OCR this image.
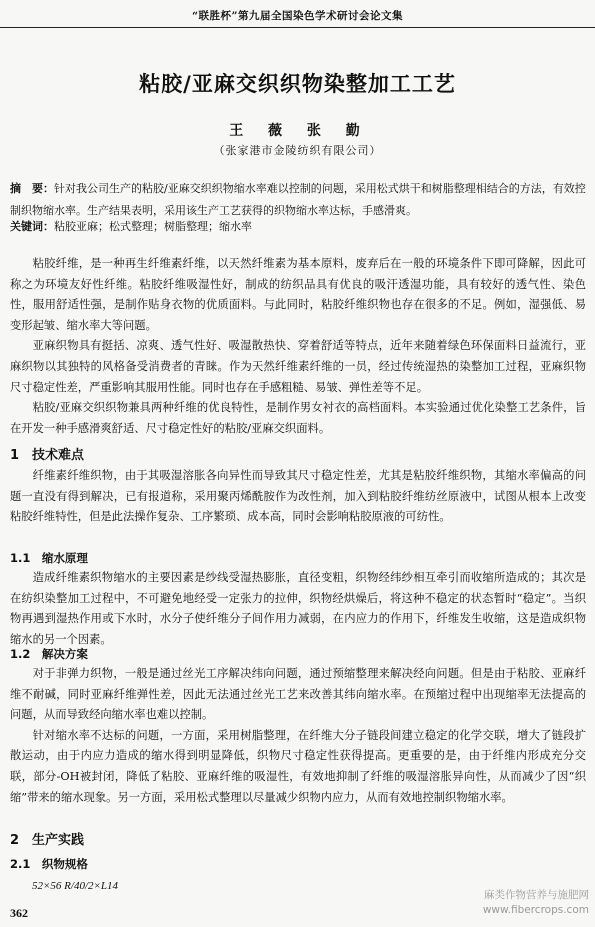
“联胜杯”第九届全国染色学术研讨会论文集
粘胶/亚麻交织织物染整加工工艺
王 薇 张 勤
（张家港市金陵纺织有限公司）
摘　要：针对我公司生产的粘胶/亚麻交织织物缩水率难以控制的问题，采用松式烘干和树脂整理相结合的方法，有效控制织物缩水率。生产结果表明，采用该生产工艺获得的织物缩水率达标，手感滑爽。
关键词：粘胶亚麻；松式整理；树脂整理；缩水率

粘胶纤维，是一种再生纤维素纤维，以天然纤维素为基本原料，废弃后在一般的环境条件下即可降解，因此可称之为环境友好性纤维。粘胶纤维吸湿性好，制成的纺织品具有优良的吸汗透湿功能，具有较好的透气性、染色性，服用舒适性强，是制作贴身衣物的优质面料。与此同时，粘胶纤维织物也存在很多的不足。例如，湿强低、易变形起皱、缩水率大等问题。

亚麻织物具有挺括、凉爽、透气性好、吸湿散热快、穿着舒适等特点，近年来随着绿色环保面料日益流行，亚麻织物以其独特的风格备受消费者的青睐。作为天然纤维素纤维的一员，经过传统湿热的染整加工过程，亚麻织物尺寸稳定性差，严重影响其服用性能。同时也存在手感粗糙、易皱、弹性差等不足。

粘胶/亚麻交织织物兼具两种纤维的优良特性，是制作男女衬衣的高档面料。本实验通过优化染整工艺条件，旨在开发一种手感滑爽舒适、尺寸稳定性好的粘胶/亚麻交织面料。

1　技术难点

纤维素纤维织物，由于其吸湿溶胀各向异性而导致其尺寸稳定性差，尤其是粘胶纤维织物，其缩水率偏高的问题一直没有得到解决，已有报道称，采用聚丙烯酰胺作为改性剂，加入到粘胶纤维纺丝原液中，试图从根本上改变粘胶纤维特性，但是此法操作复杂、工序繁琐、成本高，同时会影响粘胶原液的可纺性。

1.1　缩水原理

造成纤维素织物缩水的主要因素是纱线受湿热膨胀，直径变粗，织物经纬纱相互牵引而收缩所造成的；其次是在纺织染整加工过程中，不可避免地经受一定张力的拉伸，织物经烘燥后，将这种不稳定的状态暂时“稳定”。当织物再遇到湿热作用或下水时，水分子使纤维分子间作用力减弱，在内应力的作用下，纤维发生收缩，这是造成织物缩水的另一个因素。

1.2　解决方案

对于非弹力织物，一般是通过丝光工序解决纬向问题，通过预缩整理来解决经向问题。但是由于粘胶、亚麻纤维不耐碱，同时亚麻纤维弹性差，因此无法通过丝光工艺来改善其纬向缩水率。在预缩过程中出现缩率无法提高的问题，从而导致经向缩水率也难以控制。

针对缩水率不达标的问题，一方面，采用树脂整理，在纤维大分子链段间建立稳定的化学交联，增大了链段扩散运动，由于内应力造成的缩水得到明显降低，织物尺寸稳定性获得提高。更重要的是，由于纤维内形成充分交联，部分-OH被封闭，降低了粘胶、亚麻纤维的吸湿性，有效地抑制了纤维的吸湿溶胀异向性，从而减少了因“织缩”带来的缩水现象。另一方面，采用松式整理以尽量减少织物内应力，从而有效地控制织物缩水率。

2　生产实践
2.1　织物规格
52×56 R/40/2×L14
362
麻类作物营养与施肥网
www.fibercrops.com
